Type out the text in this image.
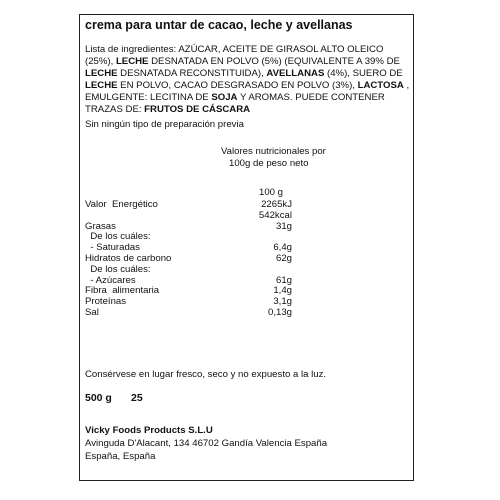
crema para untar de cacao, leche y avellanas
Lista de ingredientes: AZÚCAR, ACEITE DE GIRASOL ALTO OLEICO (25%), LECHE DESNATADA EN POLVO (5%) (EQUIVALENTE A 39% DE LECHE DESNATADA RECONSTITUIDA), AVELLANAS (4%), SUERO DE LECHE EN POLVO, CACAO DESGRASADO EN POLVO (3%), LACTOSA , EMULGENTE: LECITINA DE SOJA Y AROMAS. PUEDE CONTENER TRAZAS DE: FRUTOS DE CÁSCARA
Sin ningún tipo de preparación previa
Valores nutricionales por
100g de peso neto
100 g
Valor  Energético	2265kJ
542kcal
Grasas	31g
De los cuáles:
- Saturadas	6,4g
Hidratos de carbono	62g
De los cuáles:
- Azúcares	61g
Fibra  alimentaria	1,4g
Proteínas	3,1g
Sal	0,13g
Consérvese en lugar fresco, seco y no expuesto a la luz.
500 g 25
Vicky Foods Products S.L.U
Avinguda D'Alacant, 134 46702 Gandía Valencia España
España, España
